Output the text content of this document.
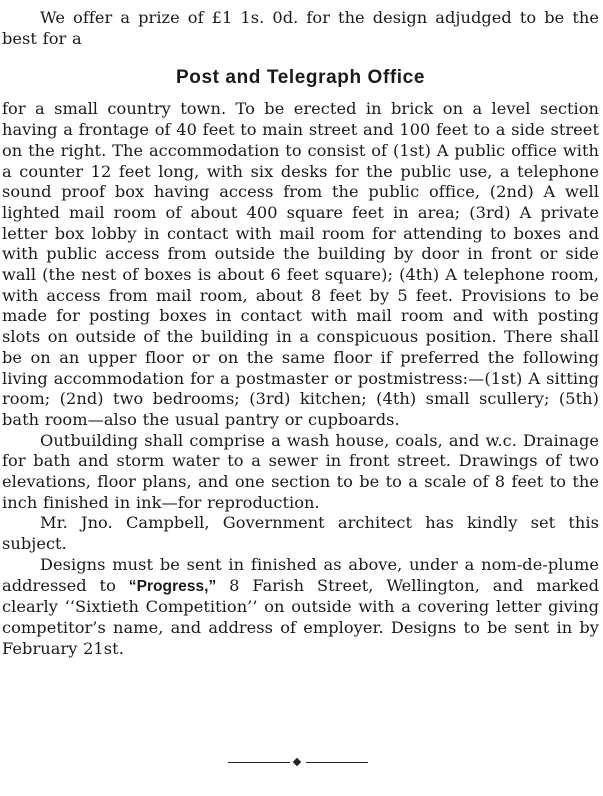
We offer a prize of £1 1s. 0d. for the design adjudged to be the best for a

Post and Telegraph Office

for a small country town. To be erected in brick on a level section having a frontage of 40 feet to main street and 100 feet to a side street on the right. The accommodation to consist of (1st) A public office with a counter 12 feet long, with six desks for the public use, a telephone sound proof box having access from the public office, (2nd) A well lighted mail room of about 400 square feet in area; (3rd) A private letter box lobby in contact with mail room for attending to boxes and with public access from outside the building by door in front or side wall (the nest of boxes is about 6 feet square); (4th) A telephone room, with access from mail room, about 8 feet by 5 feet. Provisions to be made for posting boxes in contact with mail room and with posting slots on outside of the building in a conspicuous position. There shall be on an upper floor or on the same floor if preferred the following living accommodation for a postmaster or postmistress:—(1st) A sitting room; (2nd) two bedrooms; (3rd) kitchen; (4th) small scullery; (5th) bath room—also the usual pantry or cupboards.

Outbuilding shall comprise a wash house, coals, and w.c. Drainage for bath and storm water to a sewer in front street. Drawings of two elevations, floor plans, and one section to be to a scale of 8 feet to the inch finished in ink—for reproduction.

Mr. Jno. Campbell, Government architect has kindly set this subject.

Designs must be sent in finished as above, under a nom-de-plume addressed to “Progress,” 8 Farish Street, Wellington, and marked clearly ‘‘Sixtieth Competition’’ on outside with a covering letter giving competitor’s name, and address of employer. Designs to be sent in by February 21st.
